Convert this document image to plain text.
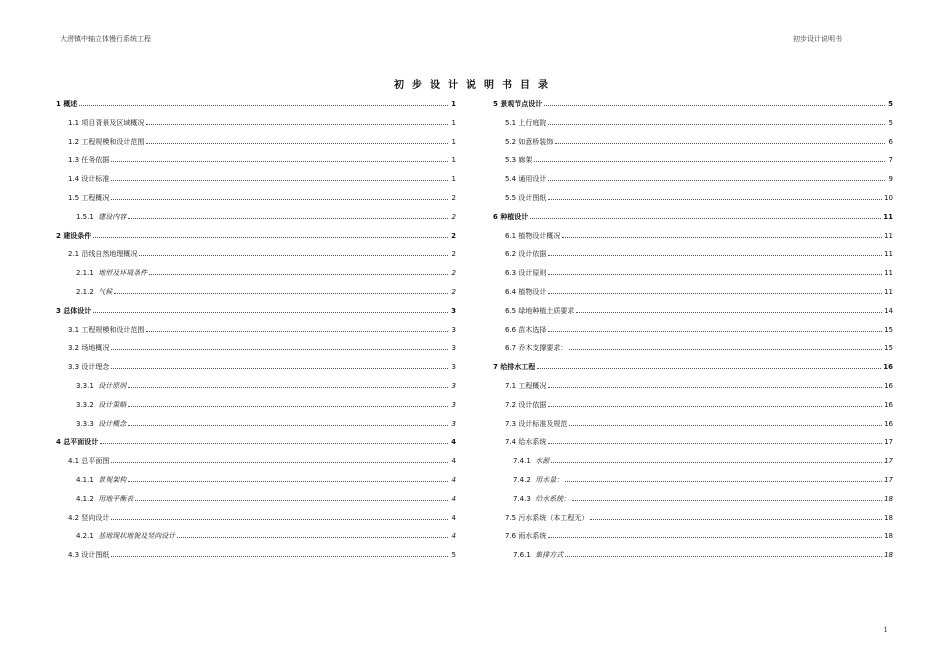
大涝镇中轴立体慢行系统工程	初步设计说明书
初步设计说明书目录
1 概述	1
1.1 项目背景及区域概况	1
1.2 工程规模和设计范围	1
1.3 任务依据	1
1.4 设计标准	1
1.5 工程概况	2
1.5.1 建设内容	2
2 建设条件	2
2.1 沿线自然地理概况	2
2.1.1 地形及环境条件	2
2.1.2 气候	2
3 总体设计	3
3.1 工程规模和设计范围	3
3.2 场地概况	3
3.3 设计理念	3
3.3.1 设计原则	3
3.3.2 设计策略	3
3.3.3 设计概念	3
4 总平面设计	4
4.1 总平面图	4
4.1.1 景观架构	4
4.1.2 用地平衡表	4
4.2 竖向设计	4
4.2.1 基地现状地貌及竖向设计	4
4.3 设计图纸	5
5 景观节点设计	5
5.1 上行庭院	5
5.2 如意桥装饰	6
5.3 廊架	7
5.4 通用设计	9
5.5 设计图纸	10
6 种植设计	11
6.1 植物设计概况	11
6.2 设计依据	11
6.3 设计原则	11
6.4 植物设计	11
6.5 绿地种植土质要求	14
6.6 苗木选择	15
6.7 乔木支撑要求：	15
7 给排水工程	16
7.1 工程概况	16
7.2 设计依据	16
7.3 设计标准及规范	16
7.4 给水系统	17
7.4.1 水源	17
7.4.2 用水量：	17
7.4.3 给水系统：	18
7.5 污水系统（本工程无）	18
7.6 雨水系统	18
7.6.1 集排方式	18
1
